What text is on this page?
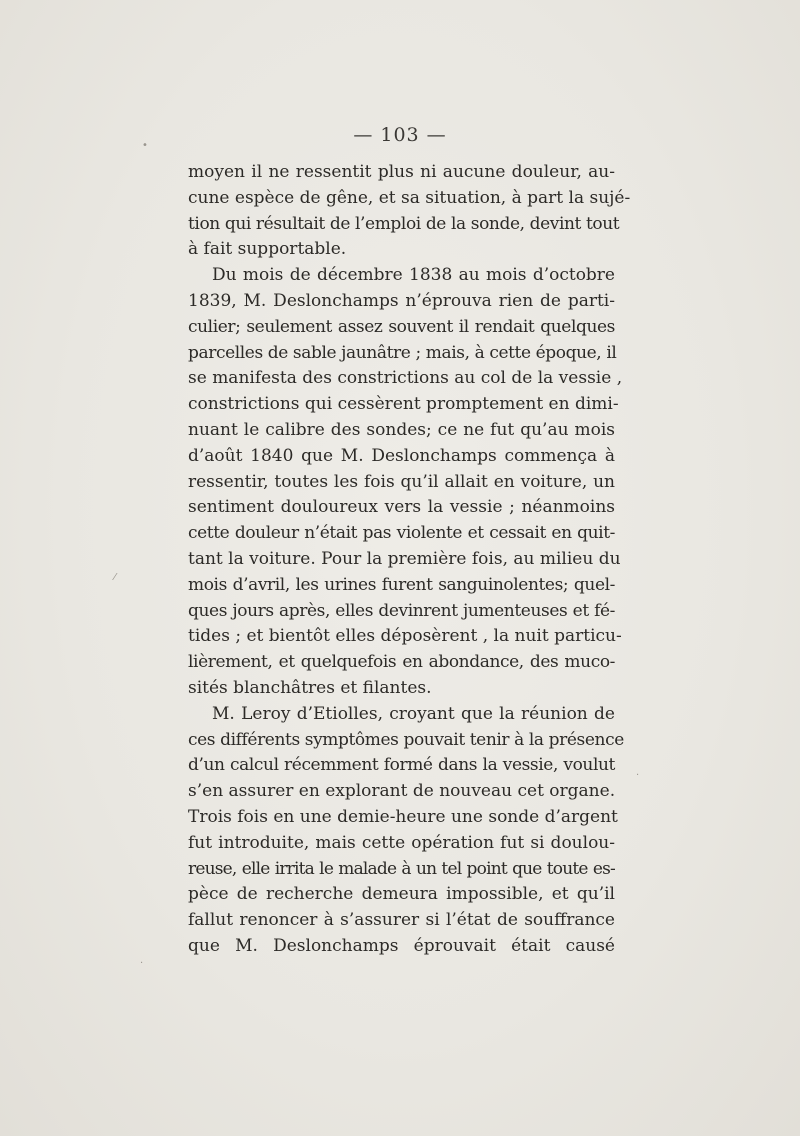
— 103 —
moyen il ne ressentit plus ni aucune douleur, au-
cune espèce de gêne, et sa situation, à part la sujé-
tion qui résultait de l’emploi de la sonde, devint tout
à fait supportable.
Du mois de décembre 1838 au mois d’octobre
1839, M. Deslonchamps n’éprouva rien de parti-
culier; seulement assez souvent il rendait quelques
parcelles de sable jaunâtre ; mais, à cette époque, il
se manifesta des constrictions au col de la vessie ,
constrictions qui cessèrent promptement en dimi-
nuant le calibre des sondes; ce ne fut qu’au mois
d’août 1840 que M. Deslonchamps commença à
ressentir, toutes les fois qu’il allait en voiture, un
sentiment douloureux vers la vessie ; néanmoins
cette douleur n’était pas violente et cessait en quit-
tant la voiture. Pour la première fois, au milieu du
mois d’avril, les urines furent sanguinolentes; quel-
ques jours après, elles devinrent jumenteuses et fé-
tides ; et bientôt elles déposèrent , la nuit particu-
lièrement, et quelquefois en abondance, des muco-
sités blanchâtres et filantes.
M. Leroy d’Etiolles, croyant que la réunion de
ces différents symptômes pouvait tenir à la présence
d’un calcul récemment formé dans la vessie, voulut
s’en assurer en explorant de nouveau cet organe.
Trois fois en une demie-heure une sonde d’argent
fut introduite, mais cette opération fut si doulou-
reuse, elle irrita le malade à un tel point que toute es-
pèce de recherche demeura impossible, et qu’il
fallut renoncer à s’assurer si l’état de souffrance
que M. Deslonchamps éprouvait était causé
•
⁄
·
·
